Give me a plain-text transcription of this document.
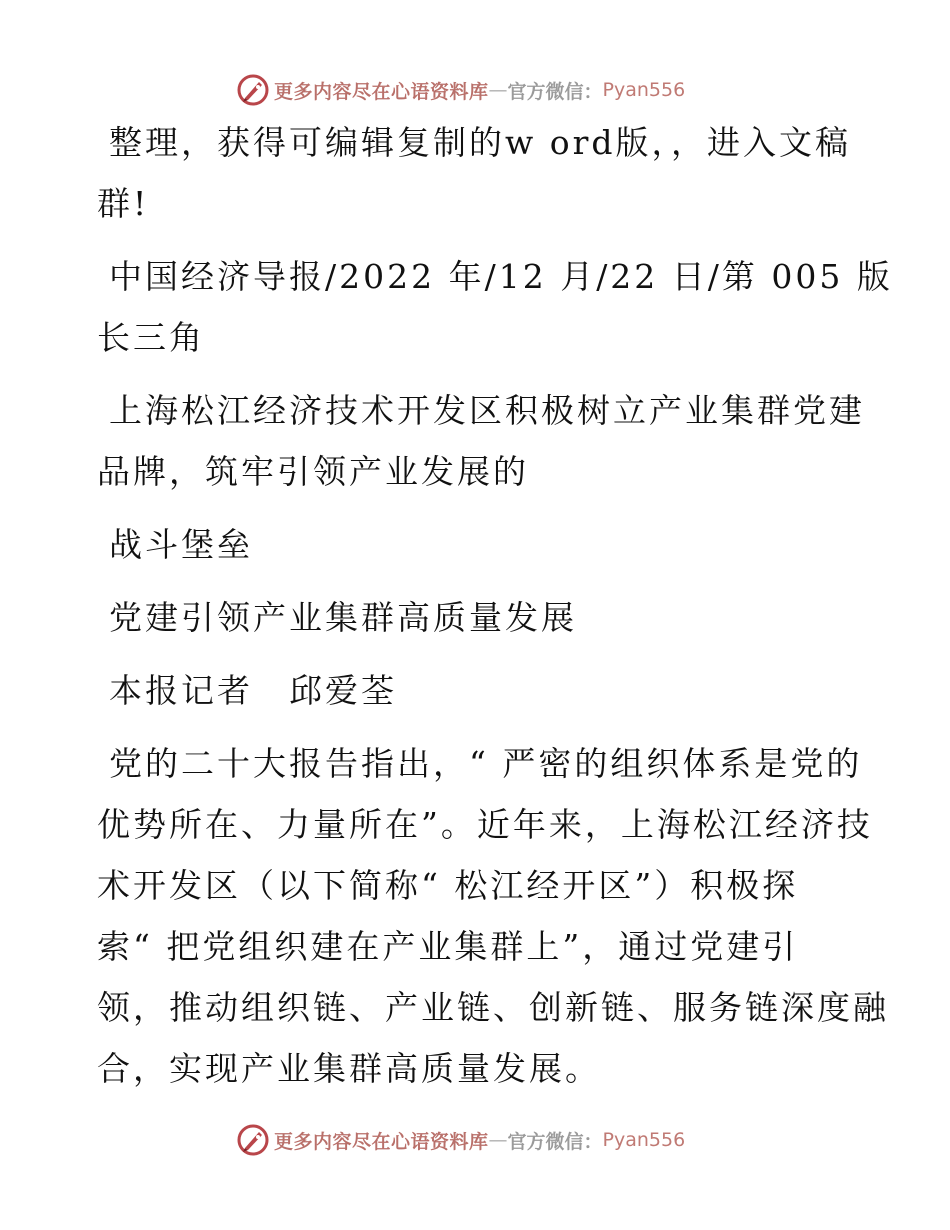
更多内容尽在心语资料库 — 官方微信： Pyan556

整理，获得可编辑复制的w ord版，，进入文稿
群!

中国经济导报/2022 年/12 月/22 日/第 005 版
长三角

上海松江经济技术开发区积极树立产业集群党建
品牌，筑牢引领产业发展的

战斗堡垒

党建引领产业集群高质量发展

本报记者　邱爱荃

党的二十大报告指出，“ 严密的组织体系是党的
优势所在、力量所在”。近年来，上海松江经济技
术开发区（以下简称“ 松江经开区”）积极探
索“ 把党组织建在产业集群上”，通过党建引
领，推动组织链、产业链、创新链、服务链深度融
合，实现产业集群高质量发展。

更多内容尽在心语资料库 — 官方微信： Pyan556
